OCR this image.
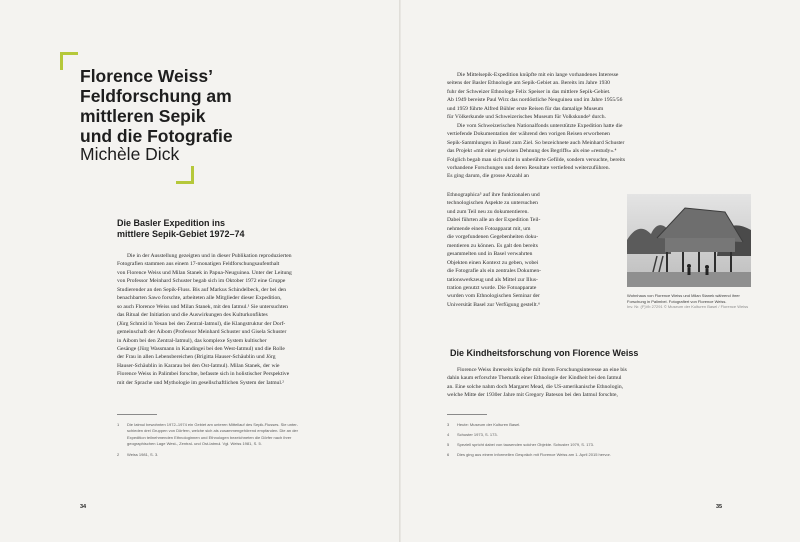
Florence Weiss’
Feldforschung am
mittleren Sepik
und die Fotografie
Michèle Dick
Die Basler Expedition ins
mittlere Sepik-Gebiet 1972–74
Die in der Ausstellung gezeigten und in dieser Publikation reproduzierten
Fotografien stammen aus einem 17-monatigen Feldforschungsaufenthalt
von Florence Weiss und Milan Stanek in Papua-Neuguinea. Unter der Leitung
von Professor Meinhard Schuster begab sich im Oktober 1972 eine Gruppe
Studierender an den Sepik-Fluss. Bis auf Markus Schindelbeck, der bei den
benachbarten Sawo forschte, arbeiteten alle Mitglieder dieser Expedition,
so auch Florence Weiss und Milan Stanek, mit den Iatmul.¹ Sie untersuchten
das Ritual der Initiation und die Auswirkungen des Kulturkonfiktes
(Jürg Schmid in Yesan bei den Zentral-Iatmul), die Klangstruktur der Dorf-
gemeinschaft der Aibom (Professor Meinhard Schuster und Gisela Schuster
in Aibom bei den Zentral-Iatmul), das komplexe System kultischer
Gesänge (Jürg Wassmann in Kandingei bei den West-Iatmul) und die Rolle
der Frau in allen Lebensbereichen (Brigitta Hauser-Schäublin und Jörg
Hauser-Schäublin in Kararau bei den Ost-Iatmul). Milan Stanek, der wie
Florence Weiss in Palimbei forschte, befasste sich in holistischer Perspektive
mit der Sprache und Mythologie im gesellschaftlichen System der Iatmul.²
1	Die Iatmul bewohnten 1972–1974 ein Gebiet am unteren Mittellauf des Sepik-Flusses. Sie unter-
schieden drei Gruppen von Dörfern, welche sich als zusammengehörend empfanden. Die an der
Expedition teilnehmenden Ethnologinnen und Ethnologen bezeichneten die Dörfer nach ihrer
geographischen Lage West-, Zentral- und Ost-Iatmul. Vgl. Weiss 1981, S. 5.
2	Weiss 1981, S. 3.
34
Die Mittelsepik-Expedition knüpfte mit ein lange vorhandenes Interesse
seitens der Basler Ethnologie am Sepik-Gebiet an. Bereits im Jahre 1930
fuhr der Schweizer Ethnologe Felix Speiser in das mittlere Sepik-Gebiet.
Ab 1949 bereiste Paul Wirz das nordöstliche Neuguinea und im Jahre 1955/56
und 1959 führte Alfred Bühler erste Reisen für das damalige Museum
für Völkerkunde und Schweizerisches Museum für Volkskunde³ durch.
Die vom Schweizerischen Nationalfonds unterstützte Expedition hatte die
vertiefende Dokumentation der während den vorigen Reisen erworbenen
Sepik-Sammlungen in Basel zum Ziel. So bezeichnete auch Meinhard Schuster
das Projekt «mit einer gewissen Dehnung des Begriffs» als eine «restudy».⁴
Folglich begab man sich nicht in unberührte Gefilde, sondern versuchte, bereits
vorhandene Forschungen und deren Resultate vertiefend weiterzuführen.
Es ging darum, die grosse Anzahl an
Ethnographica⁵ auf ihre funktionalen und
technologischen Aspekte zu untersuchen
und zum Teil neu zu dokumentieren.
Dabei führten alle an der Expedition Teil-
nehmende einen Fotoapparat mit, um
die vorgefundenen Gegebenheiten doku-
mentieren zu können. Es galt den bereits
gesammelten und in Basel verwahrten
Objekten einen Kontext zu geben, wobei
die Fotografie als ein zentrales Dokumen-
tationswerkzeug und als Mittel zur Illus-
tration genutzt wurde. Die Fotoapparate
wurden vom Ethnologischen Seminar der
Universität Basel zur Verfügung gestellt.⁶
Wohnhaus von Florence Weiss und Milan Stanek während ihrer
Forschung in Palimbei. Fotografiert von Florence Weiss.
Inv. Nr. (F)Vb 27291 © Museum der Kulturen Basel / Florence Weiss
Die Kindheitsforschung von Florence Weiss
Florence Weiss ihrerseits knüpfte mit ihrem Forschungsinteresse an eine bis
dahin kaum erforschte Thematik einer Ethnologie der Kindheit bei den Iatmul
an. Eine solche nahm doch Margaret Mead, die US-amerikanische Ethnologin,
welche Mitte der 1930er Jahre mit Gregory Bateson bei den Iatmul forschte,
3	Heute: Museum der Kulturen Basel.
4	Schuster 1973, S. 173.
5	Speziell spricht dabei von tausenden solcher Objekte. Schuster 1979, S. 173.
6	Dies ging aus einem informellen Gespräch mit Florence Weiss am 1. April 2015 hervor.
35
